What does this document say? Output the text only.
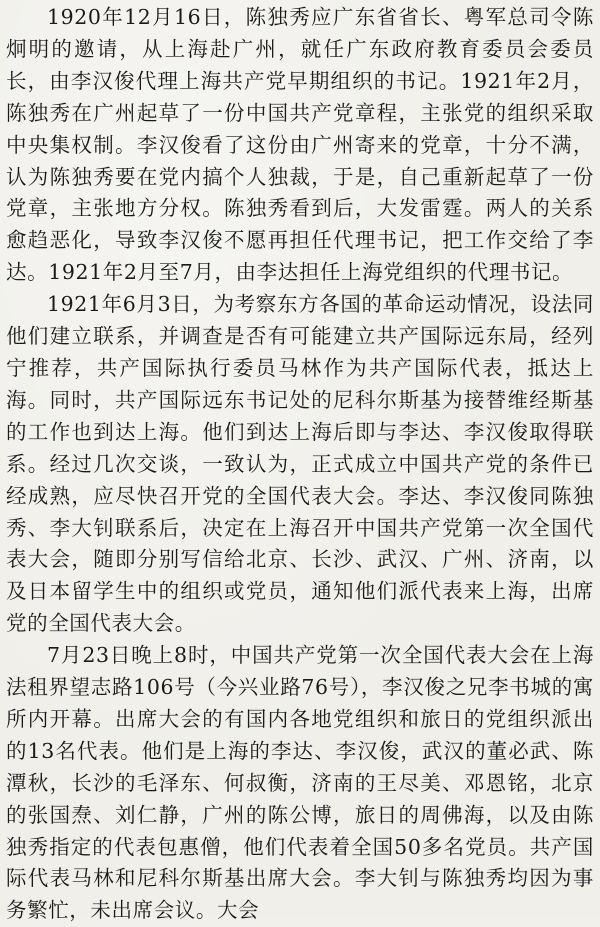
1920年12月16日，陈独秀应广东省省长、粤军总司令陈炯明的邀请，从上海赴广州，就任广东政府教育委员会委员长，由李汉俊代理上海共产党早期组织的书记。1921年2月，陈独秀在广州起草了一份中国共产党章程，主张党的组织采取中央集权制。李汉俊看了这份由广州寄来的党章，十分不满，认为陈独秀要在党内搞个人独裁，于是，自己重新起草了一份党章，主张地方分权。陈独秀看到后，大发雷霆。两人的关系愈趋恶化，导致李汉俊不愿再担任代理书记，把工作交给了李达。1921年2月至7月，由李达担任上海党组织的代理书记。

1921年6月3日，为考察东方各国的革命运动情况，设法同他们建立联系，并调查是否有可能建立共产国际远东局，经列宁推荐，共产国际执行委员马林作为共产国际代表，抵达上海。同时，共产国际远东书记处的尼科尔斯基为接替维经斯基的工作也到达上海。他们到达上海后即与李达、李汉俊取得联系。经过几次交谈，一致认为，正式成立中国共产党的条件已经成熟，应尽快召开党的全国代表大会。李达、李汉俊同陈独秀、李大钊联系后，决定在上海召开中国共产党第一次全国代表大会，随即分别写信给北京、长沙、武汉、广州、济南，以及日本留学生中的组织或党员，通知他们派代表来上海，出席党的全国代表大会。

7月23日晚上8时，中国共产党第一次全国代表大会在上海法租界望志路106号（今兴业路76号），李汉俊之兄李书城的寓所内开幕。出席大会的有国内各地党组织和旅日的党组织派出的13名代表。他们是上海的李达、李汉俊，武汉的董必武、陈潭秋，长沙的毛泽东、何叔衡，济南的王尽美、邓恩铭，北京的张国焘、刘仁静，广州的陈公博，旅日的周佛海，以及由陈独秀指定的代表包惠僧，他们代表着全国50多名党员。共产国际代表马林和尼科尔斯基出席大会。李大钊与陈独秀均因为事务繁忙，未出席会议。大会
